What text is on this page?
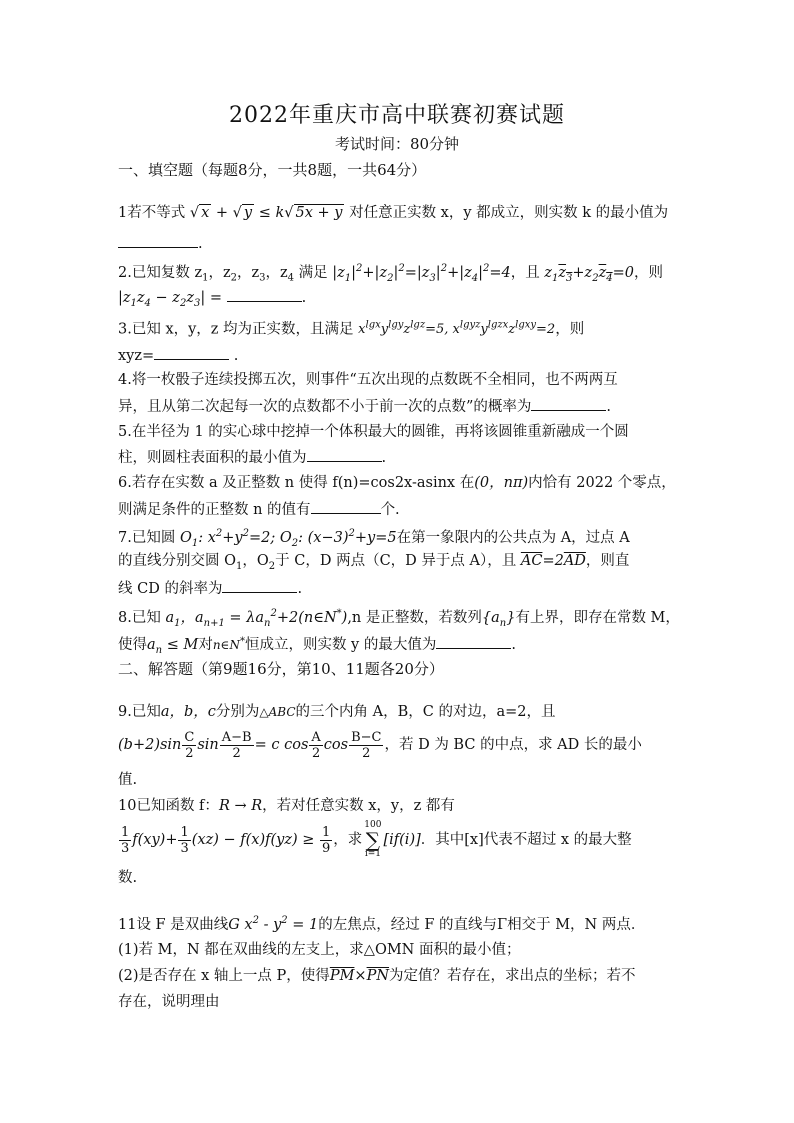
2022年重庆市高中联赛初赛试题
考试时间：80分钟
一、填空题（每题8分，一共8题，一共64分）
1若不等式 √ x + √ y ≤ k√ 5x + y 对任意正实数 x，y 都成立，则实数 k 的最小值为
.
2.已知复数 $z_1$，$z_2$，$z_3$，$z_4$ 满足 $|z_1|^2+|z_2|^2=|z_3|^2+|z_4|^2=4$，且 $z_1z_3+z_2z_4=0$，则
$|z_1z_4 - z_2z_3|$ =	.
3.已知 x，y，z 均为正实数，且满足 $x^{lgx}y^{lgy}z^{lgz}=5$, $x^{lgyz}y^{lgzx}z^{lgxy}=2$，则
xyz=	.
4.将一枚骰子连续投掷五次，则事件“五次出现的点数既不全相同，也不两两互
异，且从第二次起每一次的点数都不小于前一次的点数”的概率为	.
5.在半径为 1 的实心球中挖掉一个体积最大的圆锥，再将该圆锥重新融成一个圆
柱，则圆柱表面积的最小值为	.
6.若存在实数 a 及正整数 n 使得 f(n)=cos2x-asinx 在(0，nπ)内恰有 2022 个零点，
则满足条件的正整数 n 的值有	个.
7.已知圆 $O_1$: $x^2+y^2=2$; $O_2$: $(x-3)^2+y=5$在第一象限内的公共点为 A，过点 A
的直线分别交圆 $O_1$，$O_2$于 C，D 两点（C，D 异于点 A），且 $\overline{AC}=2\overline{AD}$，则直
线 CD 的斜率为	.
8.已知 $a_1$，$a_{n+1}$ = $\lambda a_n^2+2(n\in N^*),n$ 是正整数，若数列$\{a_n\}$有上界，即存在常数 M，
使得$a_n \le M$对n∈N*恒成立，则实数 y 的最大值为	.
二、解答题（第9题16分，第10、11题各20分）
9.已知a，b，c分别为△ABC的三个内角 A，B，C 的对边，a=2，且
$(b+2)\sin \frac{C}{2}$ $\sin \frac{A-B}{2} = c$ $\cos \frac{A}{2}$ $\cos \frac{B-C}{2}$ ，若 D 为 BC 的中点，求 AD 长的最小
值.
10已知函数 f：R → R，若对任意实数 x，y，z 都有
$\frac{1}{3} f(xy)+ \frac{1}{3} (xz) - f(x)f(yz) \ge \frac{1}{9}$ ，求100
∑
i=1[if(i)]．其中[x]代表不超过 x 的最大整
数.
11设 F 是双曲线G $x^2 - y^2 = 1$的左焦点，经过 F 的直线与Γ相交于 M，N 两点．
(1)若 M，N 都在双曲线的左支上，求△OMN 面积的最小值；
(2)是否存在 x 轴上一点 P，使得$\overline{PM}\times\overline{PN}$为定值？若存在，求出点的坐标；若不
存在，说明理由
